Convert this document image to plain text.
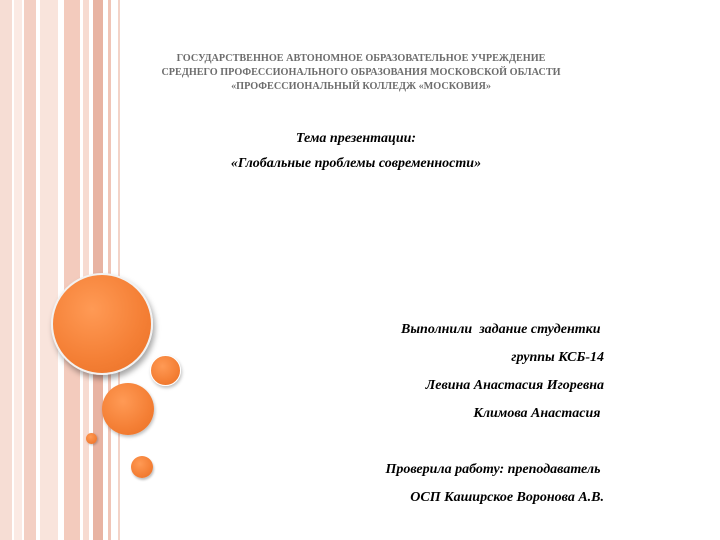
ГОСУДАРСТВЕННОЕ АВТОНОМНОЕ ОБРАЗОВАТЕЛЬНОЕ УЧРЕЖДЕНИЕ
СРЕДНЕГО ПРОФЕССИОНАЛЬНОГО ОБРАЗОВАНИЯ МОСКОВСКОЙ ОБЛАСТИ
«ПРОФЕССИОНАЛЬНЫЙ КОЛЛЕДЖ «МОСКОВИЯ»
Тема презентации:
«Глобальные проблемы современности»
Выполнили  задание студентки
группы КСБ-14
Левина Анастасия Игоревна
Климова Анастасия
Проверила работу: преподаватель
ОСП Каширское Воронова А.В.
